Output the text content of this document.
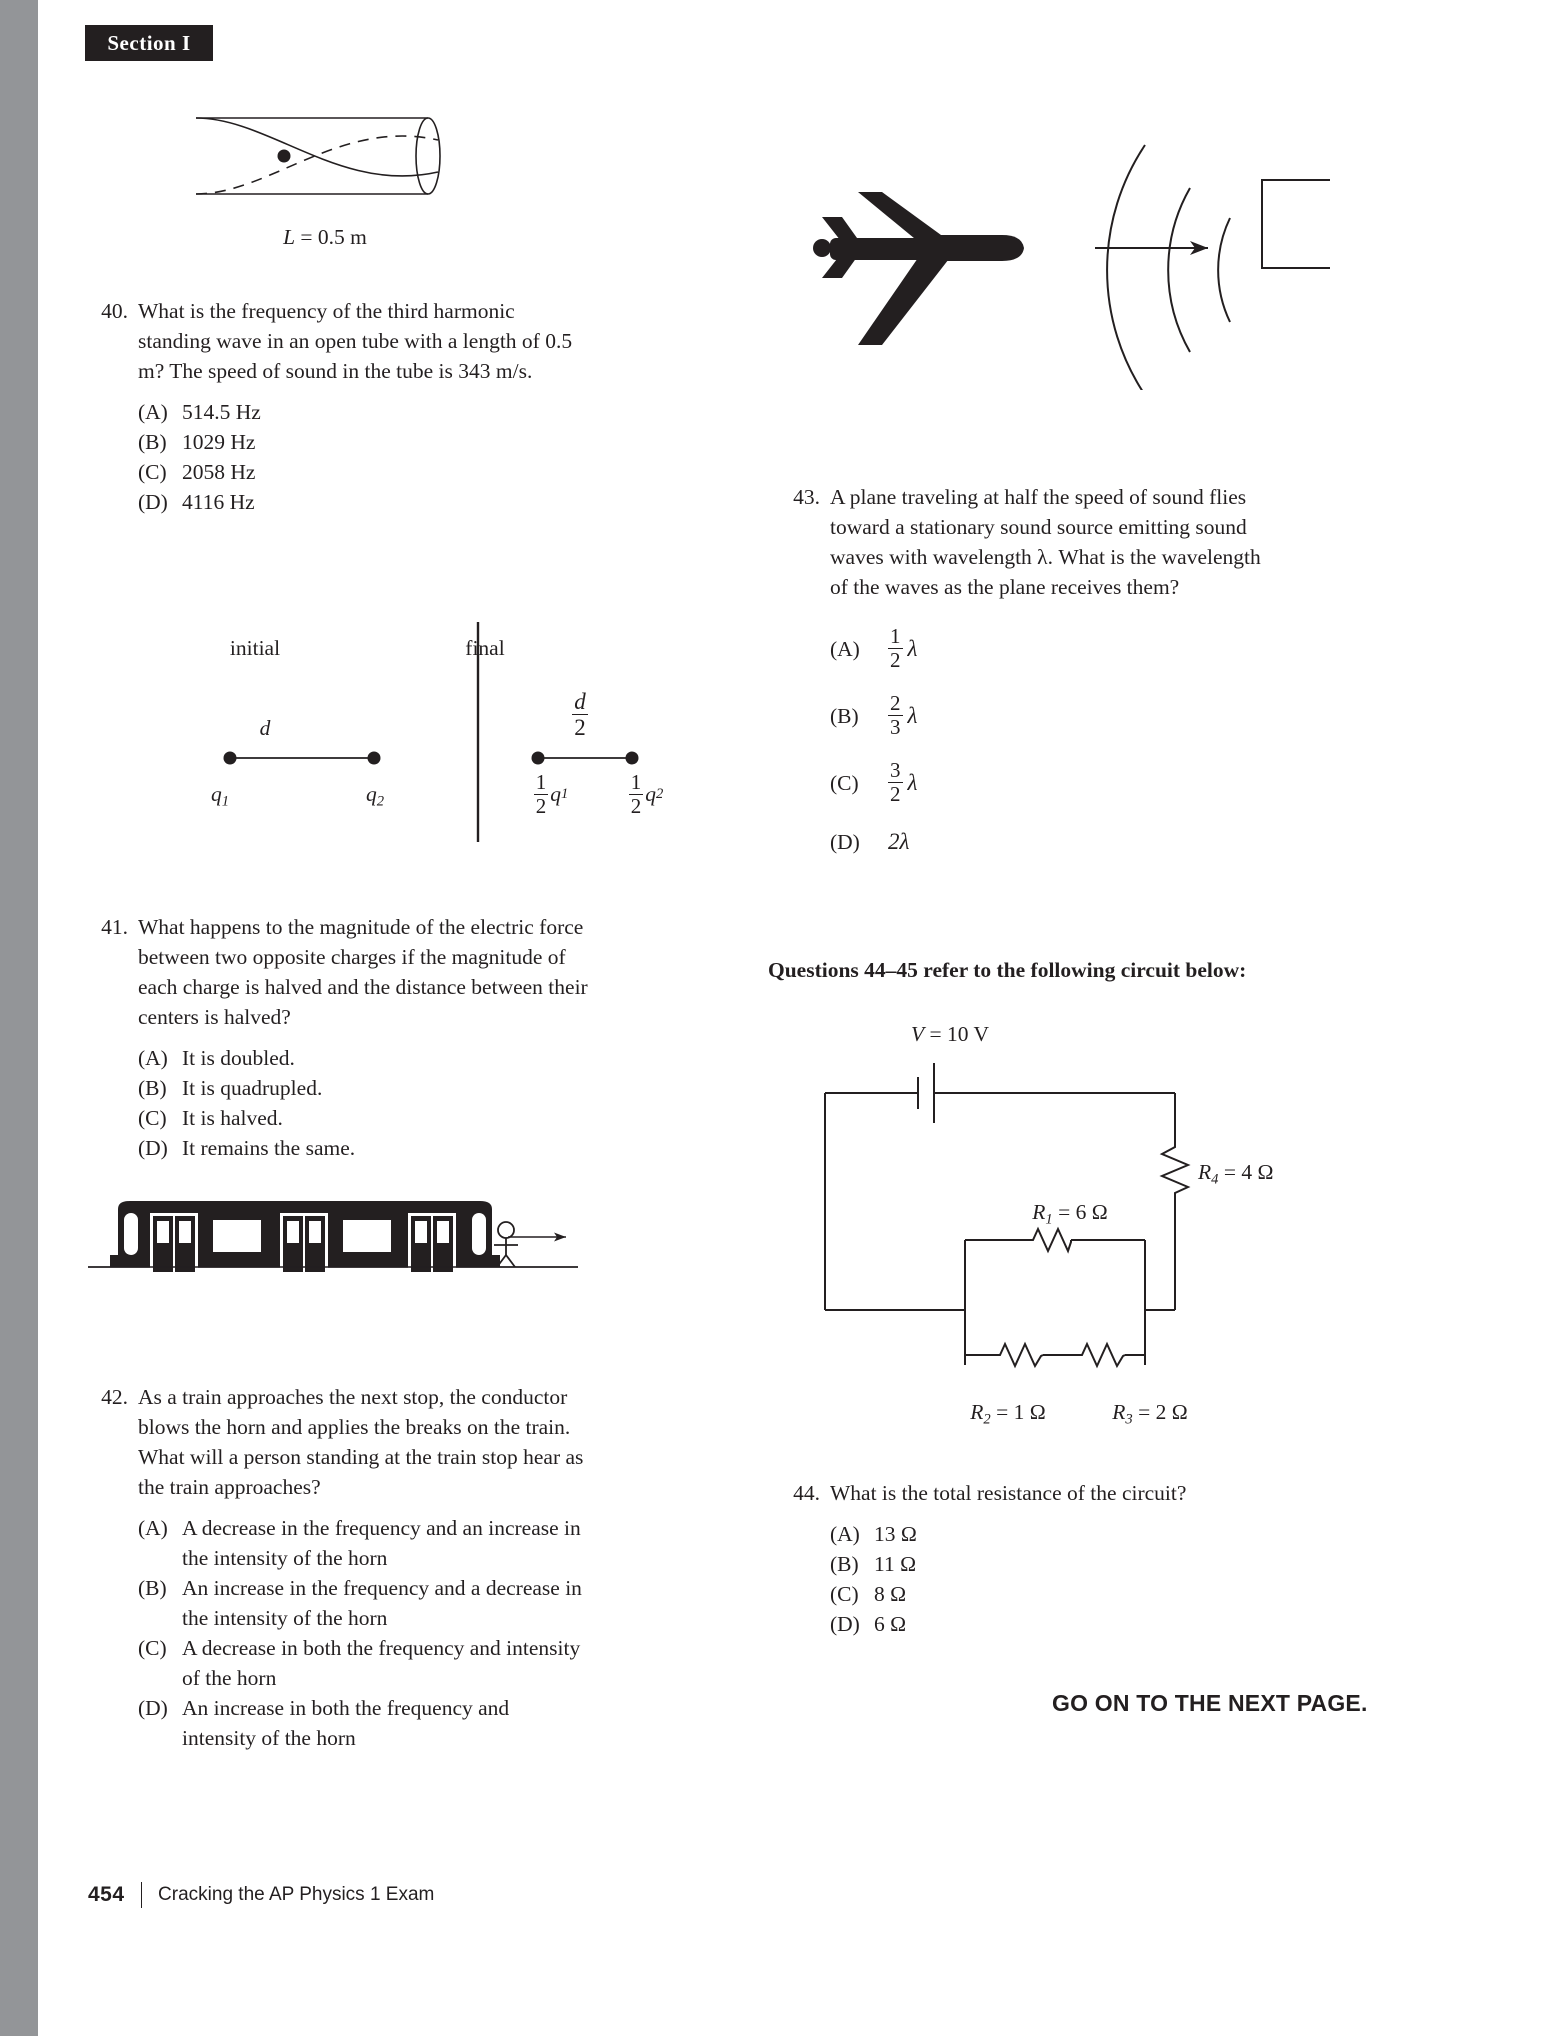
Section I
L = 0.5 m
40. What is the frequency of the third harmonic standing wave in an open tube with a length of 0.5 m? The speed of sound in the tube is 343 m/s.
(A) 514.5 Hz
(B) 1029 Hz
(C) 2058 Hz
(D) 4116 Hz
initial	final
d
$q_1$	$q_2$
$\frac{d}{2}$
$\frac{1}{2}$ q 1	$\frac{1}{2}$ q 2
41. What happens to the magnitude of the electric force between two opposite charges if the magnitude of each charge is halved and the distance between their centers is halved?
(A) It is doubled.
(B) It is quadrupled.
(C) It is halved.
(D) It remains the same.
42. As a train approaches the next stop, the conductor blows the horn and applies the breaks on the train. What will a person standing at the train stop hear as the train approaches?
(A) A decrease in the frequency and an increase in the intensity of the horn
(B) An increase in the frequency and a decrease in the intensity of the horn
(C) A decrease in both the frequency and intensity of the horn
(D) An increase in both the frequency and intensity of the horn
43. A plane traveling at half the speed of sound flies toward a stationary sound source emitting sound waves with wavelength λ. What is the wavelength of the waves as the plane receives them?
(A)	$\frac{1}{2}$ λ
(B)	$\frac{2}{3}$ λ
(C)	$\frac{3}{2}$ λ
(D)	2λ
Questions 44–45 refer to the following circuit below:
V = 10 V
$R_4 = 4$ Ω
$R_1 = 6$ Ω
$R_2 = 1$ Ω	$R_3 = 2$ Ω
44. What is the total resistance of the circuit?
(A) 13 Ω
(B) 11 Ω
(C) 8 Ω
(D) 6 Ω
GO ON TO THE NEXT PAGE.
454 Cracking the AP Physics 1 Exam
